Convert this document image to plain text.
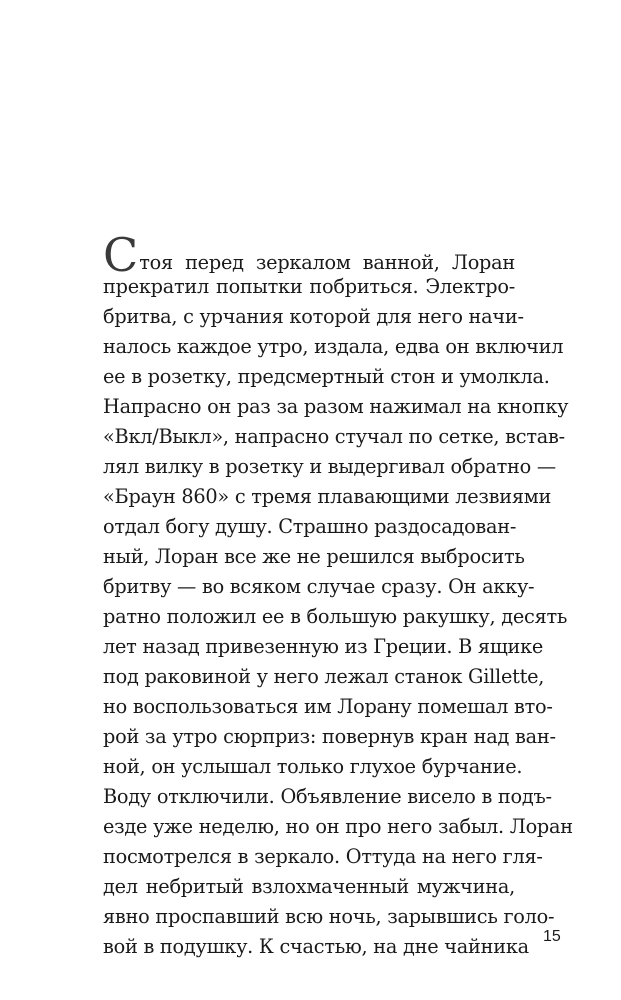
Стоя перед зеркалом ванной, Лоран
прекратил попытки побриться. Электро-
бритва, с урчания которой для него начи-
налось каждое утро, издала, едва он включил
ее в розетку, предсмертный стон и умолкла.
Напрасно он раз за разом нажимал на кнопку
«Вкл/Выкл», напрасно стучал по сетке, встав-
лял вилку в розетку и выдергивал обратно —
«Браун 860» с тремя плавающими лезвиями
отдал богу душу. Страшно раздосадован-
ный, Лоран все же не решился выбросить
бритву — во всяком случае сразу. Он акку-
ратно положил ее в большую ракушку, десять
лет назад привезенную из Греции. В ящике
под раковиной у него лежал станок Gillette,
но воспользоваться им Лорану помешал вто-
рой за утро сюрприз: повернув кран над ван-
ной, он услышал только глухое бурчание.
Воду отключили. Объявление висело в подъ-
езде уже неделю, но он про него забыл. Лоран
посмотрелся в зеркало. Оттуда на него гля-
дел небритый взлохмаченный мужчина,
явно проспавший всю ночь, зарывшись голо-
вой в подушку. К счастью, на дне чайника 15
